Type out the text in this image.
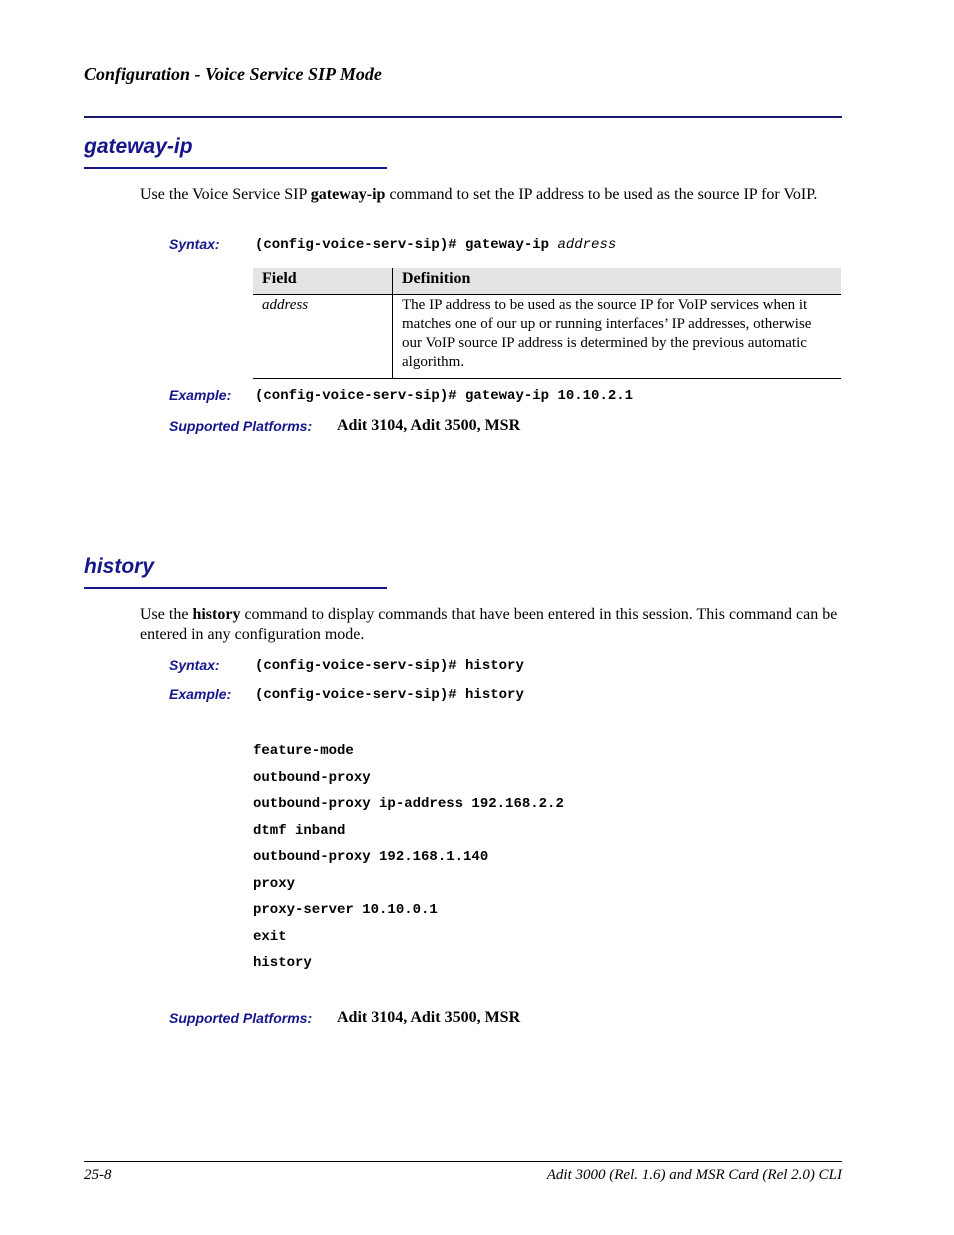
Configuration - Voice Service SIP Mode
gateway-ip
Use the Voice Service SIP gateway-ip command to set the IP address to be used as the source IP for VoIP.
Syntax:	(config-voice-serv-sip)# gateway-ip address
Field	Definition
address	The IP address to be used as the source IP for VoIP services when it matches one of our up or running interfaces’ IP addresses, otherwise our VoIP source IP address is determined by the previous automatic algorithm.
Example: (config-voice-serv-sip)# gateway-ip 10.10.2.1
Supported Platforms: Adit 3104, Adit 3500, MSR
history
Use the history command to display commands that have been entered in this session. This command can be entered in any configuration mode.
Syntax:	(config-voice-serv-sip)# history
Example: (config-voice-serv-sip)# history
feature-mode
outbound-proxy
outbound-proxy ip-address 192.168.2.2
dtmf inband
outbound-proxy 192.168.1.140
proxy
proxy-server 10.10.0.1
exit
history
Supported Platforms: Adit 3104, Adit 3500, MSR
25-8	Adit 3000 (Rel. 1.6) and MSR Card (Rel 2.0) CLI
